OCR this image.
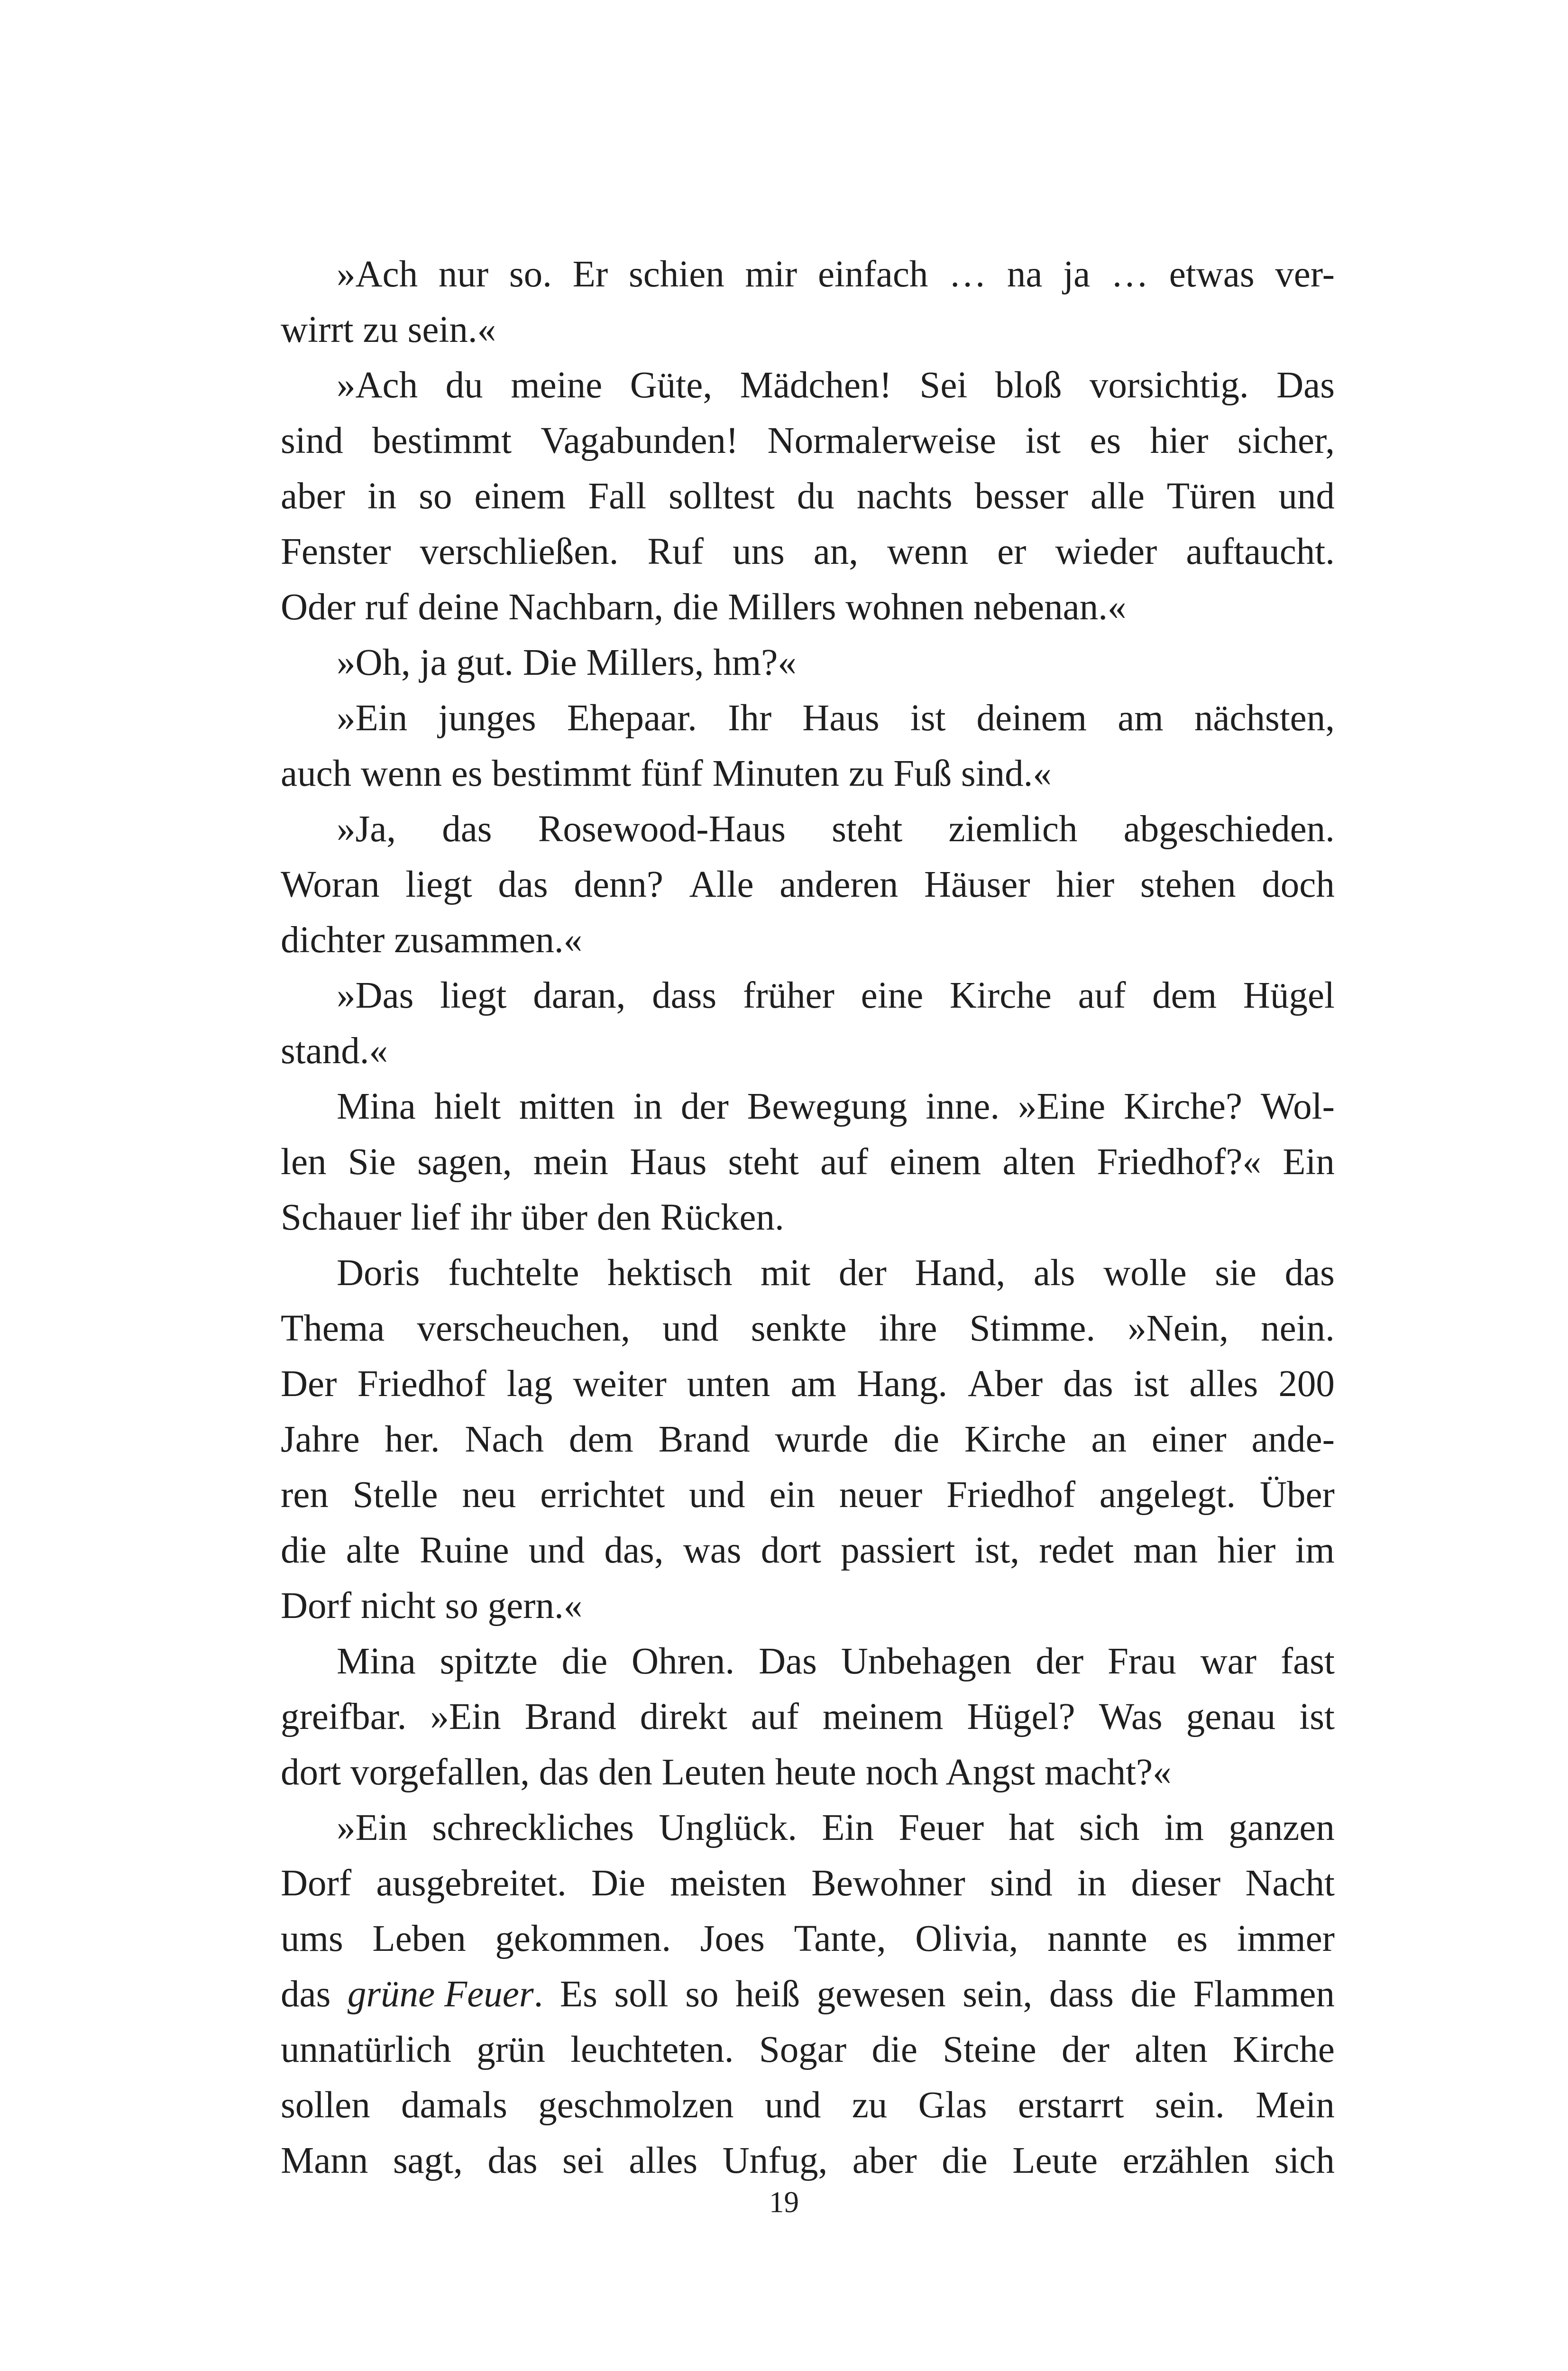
»Ach nur so. Er schien mir einfach … na ja … etwas ver-
wirrt zu sein.«
»Ach du meine Güte, Mädchen! Sei bloß vorsichtig. Das
sind bestimmt Vagabunden! Normalerweise ist es hier sicher,
aber in so einem Fall solltest du nachts besser alle Türen und
Fenster verschließen. Ruf uns an, wenn er wieder auftaucht.
Oder ruf deine Nachbarn, die Millers wohnen nebenan.«
»Oh, ja gut. Die Millers, hm?«
»Ein junges Ehepaar. Ihr Haus ist deinem am nächsten,
auch wenn es bestimmt fünf Minuten zu Fuß sind.«
»Ja, das Rosewood-Haus steht ziemlich abgeschieden.
Woran liegt das denn? Alle anderen Häuser hier stehen doch
dichter zusammen.«
»Das liegt daran, dass früher eine Kirche auf dem Hügel
stand.«
Mina hielt mitten in der Bewegung inne. »Eine Kirche? Wol-
len Sie sagen, mein Haus steht auf einem alten Friedhof?« Ein
Schauer lief ihr über den Rücken.
Doris fuchtelte hektisch mit der Hand, als wolle sie das
Thema verscheuchen, und senkte ihre Stimme. »Nein, nein.
Der Friedhof lag weiter unten am Hang. Aber das ist alles 200
Jahre her. Nach dem Brand wurde die Kirche an einer ande-
ren Stelle neu errichtet und ein neuer Friedhof angelegt. Über
die alte Ruine und das, was dort passiert ist, redet man hier im
Dorf nicht so gern.«
Mina spitzte die Ohren. Das Unbehagen der Frau war fast
greifbar. »Ein Brand direkt auf meinem Hügel? Was genau ist
dort vorgefallen, das den Leuten heute noch Angst macht?«
»Ein schreckliches Unglück. Ein Feuer hat sich im ganzen
Dorf ausgebreitet. Die meisten Bewohner sind in dieser Nacht
ums Leben gekommen. Joes Tante, Olivia, nannte es immer
das grüne Feuer. Es soll so heiß gewesen sein, dass die Flammen
unnatürlich grün leuchteten. Sogar die Steine der alten Kirche
sollen damals geschmolzen und zu Glas erstarrt sein. Mein
Mann sagt, das sei alles Unfug, aber die Leute erzählen sich
19
